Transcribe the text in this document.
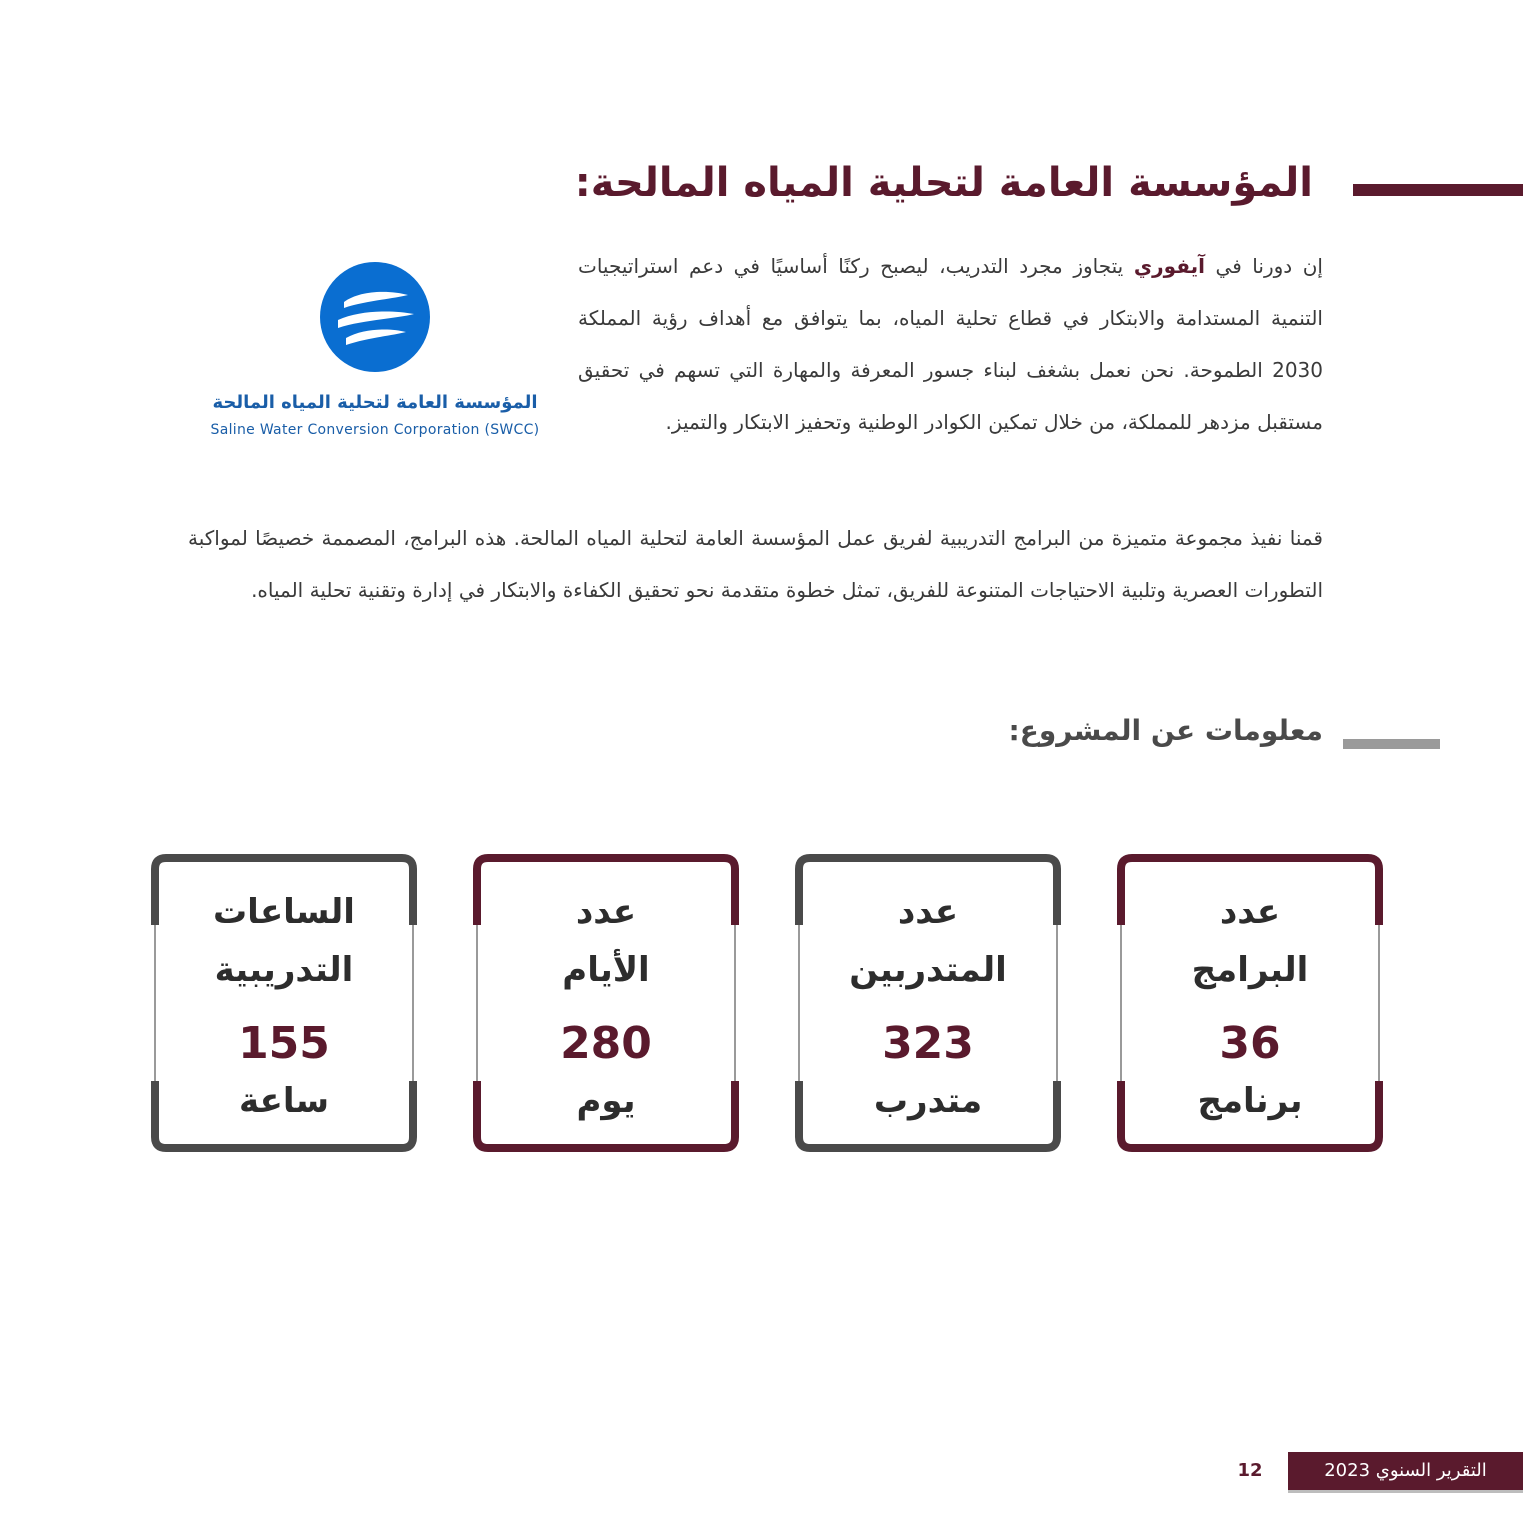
المؤسسة العامة لتحلية المياه المالحة:

إن دورنا في آيفوري يتجاوز مجرد التدريب، ليصبح ركنًا أساسيًا في دعم استراتيجيات التنمية المستدامة والابتكار في قطاع تحلية المياه، بما يتوافق مع أهداف رؤية المملكة 2030 الطموحة. نحن نعمل بشغف لبناء جسور المعرفة والمهارة التي تسهم في تحقيق مستقبل مزدهر للمملكة، من خلال تمكين الكوادر الوطنية وتحفيز الابتكار والتميز.

المؤسسة العامة لتحلية المياه المالحة
Saline Water Conversion Corporation (SWCC)

قمنا نفيذ مجموعة متميزة من البرامج التدريبية لفريق عمل المؤسسة العامة لتحلية المياه المالحة. هذه البرامج، المصممة خصيصًا لمواكبة التطورات العصرية وتلبية الاحتياجات المتنوعة للفريق، تمثل خطوة متقدمة نحو تحقيق الكفاءة والابتكار في إدارة وتقنية تحلية المياه.

معلومات عن المشروع:
عدد
البرامج
36
برنامج
عدد
المتدربين
323
متدرب
عدد
الأيام
280
يوم
الساعات
التدريبية
155
ساعة
12	التقرير السنوي 2023
